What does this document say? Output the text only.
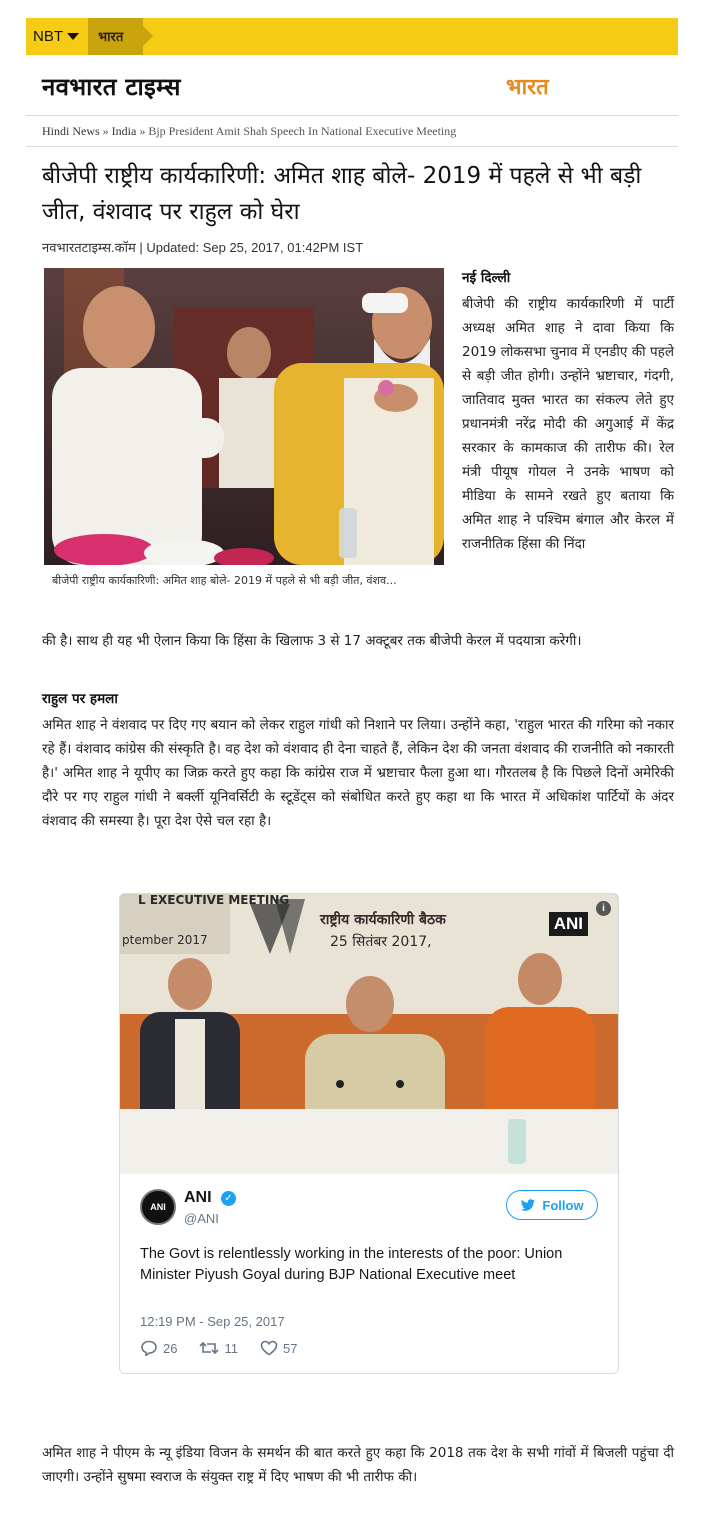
NBT	भारत
नवभारत टाइम्स	भारत
Hindi News » India » Bjp President Amit Shah Speech In National Executive Meeting
बीजेपी राष्ट्रीय कार्यकारिणी: अमित शाह बोले- 2019 में पहले से भी बड़ी जीत, वंशवाद पर राहुल को घेरा
नवभारतटाइम्स.कॉम | Updated: Sep 25, 2017, 01:42PM IST
बीजेपी राष्ट्रीय कार्यकारिणी: अमित शाह बोले- 2019 में पहले से भी बड़ी जीत, वंशव...
नई दिल्ली

बीजेपी की राष्ट्रीय कार्यकारिणी में पार्टी अध्यक्ष अमित शाह ने दावा किया कि 2019 लोकसभा चुनाव में एनडीए की पहले से बड़ी जीत होगी। उन्होंने भ्रष्टाचार, गंदगी, जातिवाद मुक्त भारत का संकल्प लेते हुए प्रधानमंत्री नरेंद्र मोदी की अगुआई में केंद्र सरकार के कामकाज की तारीफ की। रेल मंत्री पीयूष गोयल ने उनके भाषण को मीडिया के सामने रखते हुए बताया कि अमित शाह ने पश्चिम बंगाल और केरल में राजनीतिक हिंसा की निंदा

की है। साथ ही यह भी ऐलान किया कि हिंसा के खिलाफ 3 से 17 अक्टूबर तक बीजेपी केरल में पदयात्रा करेगी।

राहुल पर हमला

अमित शाह ने वंशवाद पर दिए गए बयान को लेकर राहुल गांधी को निशाने पर लिया। उन्होंने कहा, 'राहुल भारत की गरिमा को नकार रहे हैं। वंशवाद कांग्रेस की संस्कृति है। वह देश को वंशवाद ही देना चाहते हैं, लेकिन देश की जनता वंशवाद की राजनीति को नकारती है।' अमित शाह ने यूपीए का जिक्र करते हुए कहा कि कांग्रेस राज में भ्रष्टाचार फैला हुआ था। गौरतलब है कि पिछले दिनों अमेरिकी दौरे पर गए राहुल गांधी ने बर्क्ली यूनिवर्सिटी के स्टूडेंट्स को संबोधित करते हुए कहा था कि भारत में अधिकांश पार्टियों के अंदर वंशवाद की समस्या है। पूरा देश ऐसे चल रहा है।

L EXECUTIVE MEETING
ptember 2017
राष्ट्रीय कार्यकारिणी बैठक
25 सितंबर 2017,
ANI
i
ANI
ANI	✓
@ANI
Follow
The Govt is relentlessly working in the interests of the poor: Union Minister Piyush Goyal during BJP National Executive meet
12:19 PM - Sep 25, 2017
26	11	57

अमित शाह ने पीएम के न्यू इंडिया विजन के समर्थन की बात करते हुए कहा कि 2018 तक देश के सभी गांवों में बिजली पहुंचा दी जाएगी। उन्होंने सुषमा स्वराज के संयुक्त राष्ट्र में दिए भाषण की भी तारीफ की।
